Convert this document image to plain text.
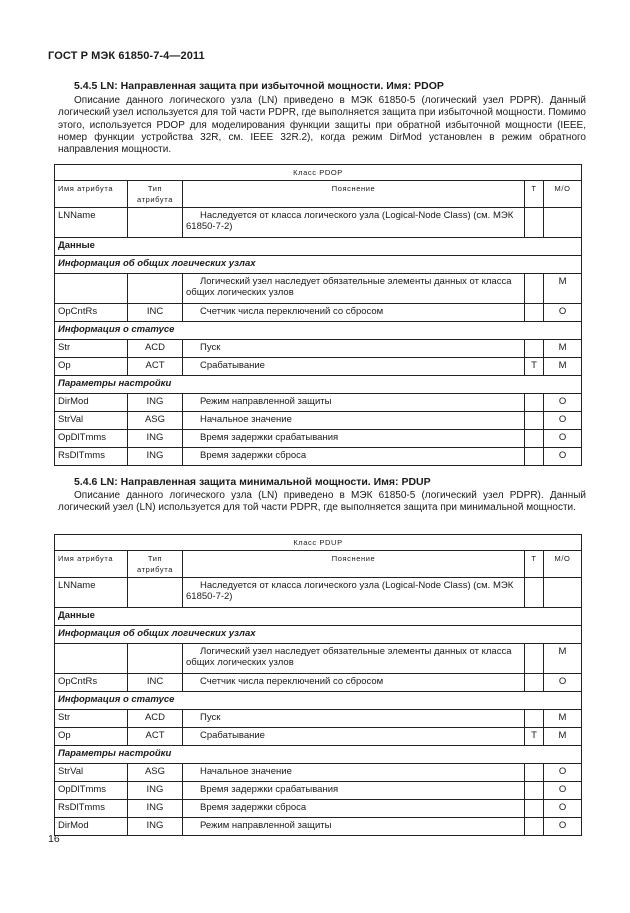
ГОСТ Р МЭК 61850-7-4—2011
5.4.5 LN: Направленная защита при избыточной мощности. Имя: PDOP
Описание данного логического узла (LN) приведено в МЭК 61850-5 (логический узел PDPR). Данный логический узел используется для той части PDPR, где выполняется защита при избыточной мощности. Помимо этого, используется PDOP для моделирования функции защиты при обратной избыточной мощности (IEEE, номер функции устройства 32R, см. IEEE 32R.2), когда режим DirMod установлен в режим обратного направления мощности.
Класс PDOP				
Имя атрибута	Тип атрибута	Пояснение	T	M/O
LNName		Наследуется от класса логического узла (Logical-Node Class) (см. МЭК 61850-7-2)		
Данные				
Информация об общих логических узлах				
		Логический узел наследует обязательные элементы данных от класса общих логических узлов		M
OpCntRs	INC	Счетчик числа переключений со сбросом		O
Информация о статусе				
Str	ACD	Пуск		M
Op	ACT	Срабатывание	T	M
Параметры настройки				
DirMod	ING	Режим направленной защиты		O
StrVal	ASG	Начальное значение		O
OpDlTmms	ING	Время задержки срабатывания		O
RsDlTmms	ING	Время задержки сброса		O
5.4.6 LN: Направленная защита минимальной мощности. Имя: PDUP
Описание данного логического узла (LN) приведено в МЭК 61850-5 (логический узел PDPR). Данный логический узел (LN) используется для той части PDPR, где выполняется защита при минимальной мощности.
Класс PDUP				
Имя атрибута	Тип атрибута	Пояснение	T	M/O
LNName		Наследуется от класса логического узла (Logical-Node Class) (см. МЭК 61850-7-2)		
Данные				
Информация об общих логических узлах				
		Логический узел наследует обязательные элементы данных от класса общих логических узлов		M
OpCntRs	INC	Счетчик числа переключений со сбросом		O
Информация о статусе				
Str	ACD	Пуск		M
Op	ACT	Срабатывание	T	M
Параметры настройки				
StrVal	ASG	Начальное значение		O
OpDlTmms	ING	Время задержки срабатывания		O
RsDlTmms	ING	Время задержки сброса		O
DirMod	ING	Режим направленной защиты		O
16
